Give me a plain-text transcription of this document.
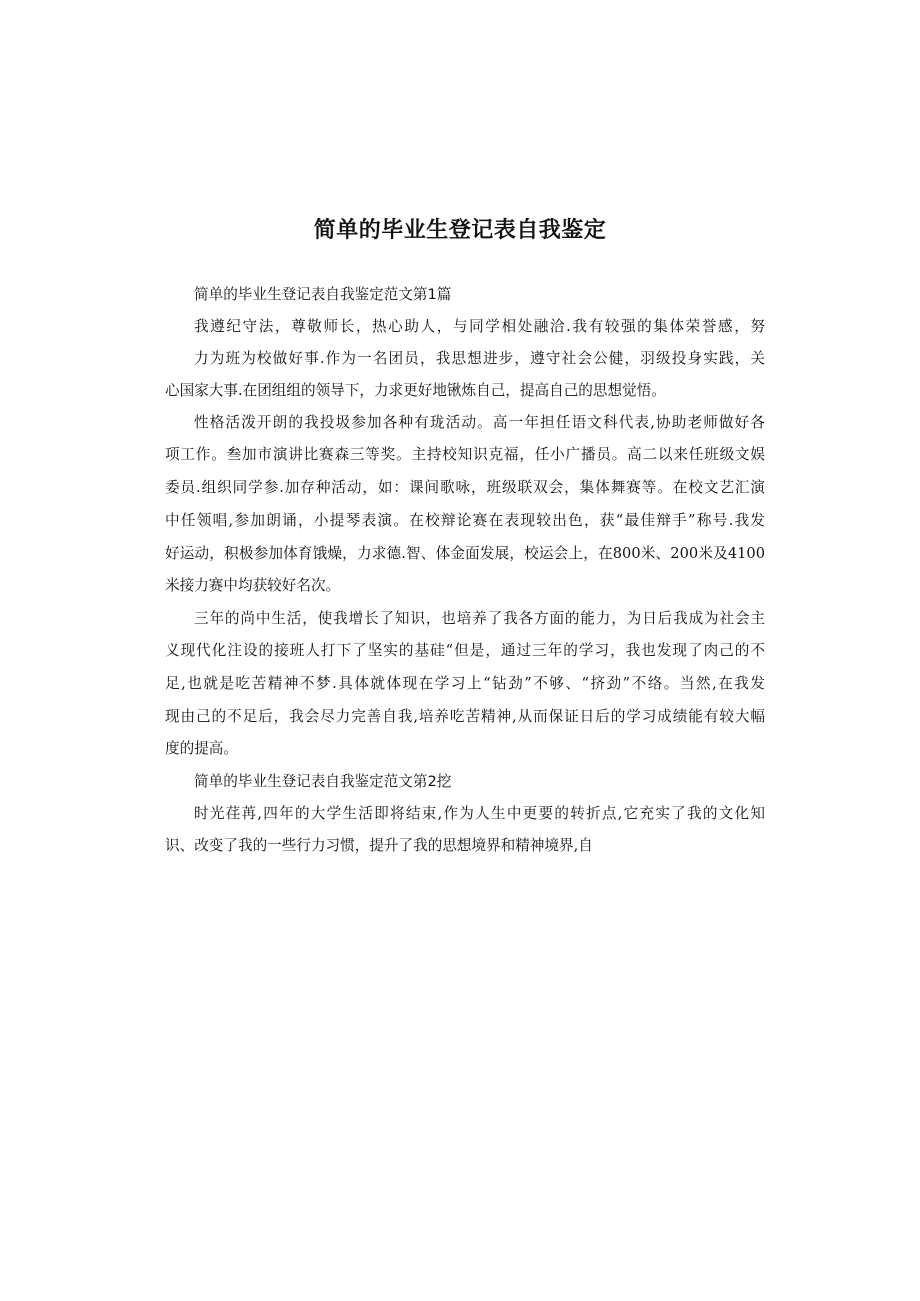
简单的毕业生登记表自我鉴定
简单的毕业生登记表自我鉴定范文第1篇

我遵纪守法，尊敬师长，热心助人，与同学相处融洽.我有较强的集体荣誉感，努

力为班为校做好事.作为一名团员，我思想进步，遵守社会公健，羽级投身实践，关

心国家大事.在团组组的领导下，力求更好地锹炼自己，提高自己的思想觉悟。

性格活泼开朗的我投圾参加各种有珑活动。高一年担任语文科代表,协助老师做好各

项工作。叁加市演讲比赛森三等奖。主持校知识克福，任小广播员。高二以来任班级文娱

委员.组织同学参.加存种活动，如：课间歌咏，班级联双会，集体舞赛等。在校文艺汇演

中任领唱,参加朗诵，小提琴表演。在校辩论赛在表现较出色，获“最佳辩手”称号.我发

好运动，积极参加体育饿燥，力求德.智、体金面发展，校运会上，在800米、200米及4100

米接力赛中均获较好名次。

三年的尚中生活，使我增长了知识，也培养了我各方面的能力，为日后我成为社会主

义现代化注设的接班人打下了坚实的基硅“但是，通过三年的学习，我也发现了肉己的不

足,也就是吃苦精神不梦.具体就体现在学习上“钻劲”不够、“挤劲”不络。当然,在我发

现由己的不足后，我会尽力完善自我,培养吃苦精神,从而保证日后的学习成绩能有较大幅

度的提高。

简单的毕业生登记表自我鉴定范文第2挖

时光荏苒,四年的大学生活即将结束,作为人生中更要的转折点,它充实了我的文化知

识、改变了我的一些行力习惯，提升了我的思想境界和精神境界,自
